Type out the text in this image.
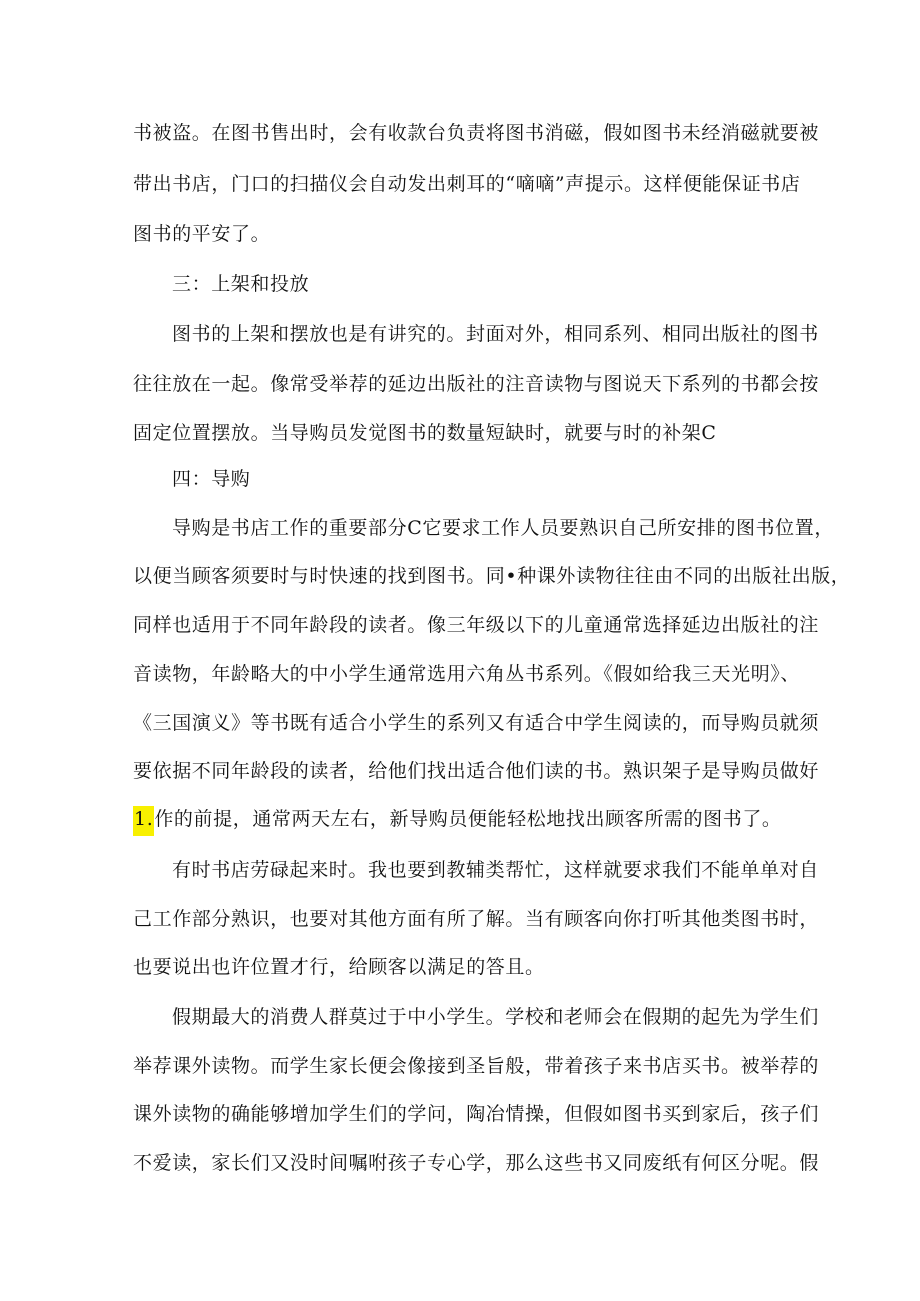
书被盗。在图书售出时，会有收款台负责将图书消磁，假如图书未经消磁就要被
带出书店，门口的扫描仪会自动发出刺耳的“嘀嘀”声提示。这样便能保证书店
图书的平安了。
三：上架和投放
图书的上架和摆放也是有讲究的。封面对外，相同系列、相同出版社的图书
往往放在一起。像常受举荐的延边出版社的注音读物与图说天下系列的书都会按
固定位置摆放。当导购员发觉图书的数量短缺时，就要与时的补架C
四：导购
导购是书店工作的重要部分C它要求工作人员要熟识自己所安排的图书位置，
以便当顾客须要时与时快速的找到图书。同•种课外读物往往由不同的出版社出版，
同样也适用于不同年龄段的读者。像三年级以下的儿童通常选择延边出版社的注
音读物，年龄略大的中小学生通常选用六角丛书系列。《假如给我三天光明》、
《三国演义》等书既有适合小学生的系列又有适合中学生阅读的，而导购员就须
要依据不同年龄段的读者，给他们找出适合他们读的书。熟识架子是导购员做好
1.作的前提，通常两天左右，新导购员便能轻松地找出顾客所需的图书了。
有时书店劳碌起来时。我也要到教辅类帮忙，这样就要求我们不能单单对自
己工作部分熟识，也要对其他方面有所了解。当有顾客向你打听其他类图书时，
也要说出也许位置才行，给顾客以满足的答且。
假期最大的消费人群莫过于中小学生。学校和老师会在假期的起先为学生们
举荐课外读物。而学生家长便会像接到圣旨般，带着孩子来书店买书。被举荐的
课外读物的确能够增加学生们的学问，陶冶情操，但假如图书买到家后，孩子们
不爱读，家长们又没时间嘱咐孩子专心学，那么这些书又同废纸有何区分呢。假
